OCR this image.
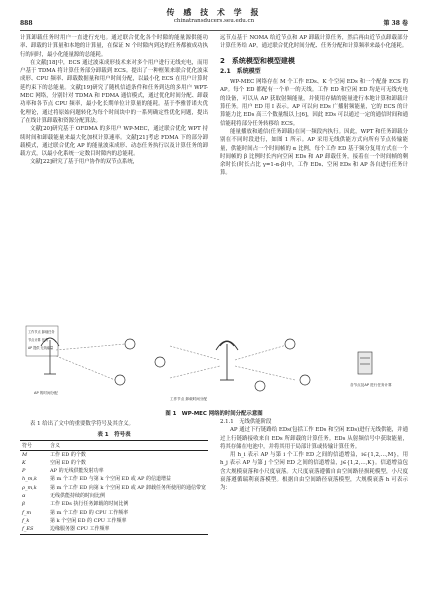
888
传 感 技 术 学 报
chinatransducers.seu.edu.cn	第 38 卷

计算卸载任务时用户一直进行充电。通过联合优化各个时隙的能量源供能功率、卸载的计算量和本地的计算量，在保证 N 个时隙内到达的任务都被成功执行的同时，最小化能量源的总能耗。

在文献[18]中，ECS 通过波束成形技术来对多个用户进行无线充电，而用户基于 TDMA 将计算任务部分卸载到 ECS。提出了一种框架来联合优化波束成形、CPU 频率、卸载数据量和用户时间分配，以最小化 ECS 在用户计算时延约束下的总能量。文献[19]研究了随机信道条件和任务到达的多用户 WPT-MEC 网络，分别针对 TDMA 和 FDMA 通信模式，通过优化时间分配、卸载功率和各节点 CPU 频率，最小化长期单位计算量的能耗。基于李雅普诺夫优化理论，通过将原始问题转化为每个时间块中的一系列确定性优化问题，提出了在线计算卸载和资源分配算法。

文献[20]研究基于 OFDMA 的多用户 WP-MEC，通过联合优化 WPT 持续时间和卸载能量来最大化加权计算速率。文献[21]考虑 FDMA 下的部分卸载模式，通过联合优化 AP 的能量波束成形、动态任务执行以及计算任务的卸载方式，以最小化系统一定数目时隙内的总能耗。

文献[22]研究了基于用户协作的双节点系统，

远节点基于 NOMA 给近节点和 AP 卸载计算任务，然后再由近节点卸载部分计算任务给 AP，通过联合优化时间分配、任务分配和计算频率来最小化能耗。

2　系统模型和模型建模
2.1　系统模型

WP-MEC 网络存在 M 个工作 EDs、K 个空闲 EDs 和一个配备 ECS 的 AP。每个 ED 都配有一个单一的天线。工作 ED 和空闲 ED 均是可无线充电的设备，可以从 AP 获取射频能量，并使用存储的能量进行本地计算和卸载计算任务。用户 ED 用 I 表示。AP 可以向 EDs 广播射频能量，它的 ECS 的计算能力比 EDs 高三个数量级以上[6]，因此 EDs 可以通过一定的通信时间和通信能耗将部分任务转移给 ECS。

能量播放和通信(任务卸载)在同一频段内执行。因此，WPT 和任务卸载分别在不同时段进行，如图 1 所示。AP 采用无线供能方式向所有节点传输能量，供能时间占一个时间帧的 α 比例，每个工作 ED 基于频分复用方式在一个时间帧的 β 比例时长内向空闲 EDs 和 AP 卸载任务，接着在一个时间帧的剩余时长(时长占比 γ=1-α-β)中，工作 EDs、空闲 EDs 和 AP 各自进行任务计算。

工作节点 卸载任务
节点计算 任务
AP 提供 无线能量
AP 的时间分配
工作节点 卸载时间分配
各节点及AP 进行任务计算
图 1　WP-MEC 网络的时间分配示意图
表 1 给出了文中的重要数学符号及其含义。
表 1　符号表
符号	含义
M	工作 ED 的个数
K	空闲 ED 的个数
P	AP 的无线供能发射功率
h_m,k	第 m 个工作 ED 与第 k 个空闲 ED 或 AP 的信道增益
ρ_m,k	第 m 个工作 ED 向第 k 个空闲 ED 或 AP 卸载任务所使用的通信带宽
α	无线供能持续的时间比例
β	工作 EDs 执行任务卸载的时间比例
f_m	第 m 个工作 ED 的 CPU 工作频率
f_k	第 k 个空闲 ED 的 CPU 工作频率
f_ES	边缘服务器 CPU 工作频率

2.1.1　无线供能阶段

AP 通过下行链路给 EDs(包括工作 EDs 和空闲 EDs)进行无线供能，并通过上行链路接收来自 EDs 所卸载的计算任务。EDs 从射频信号中获取能量，将其存储在电池中，并将其用于局部计算或传输计算任务。

用 h_i 表示 AP 与第 i 个工作 ED 之间的信道增益，i∈{1,2,…,M}，用 h_j 表示 AP 与第 j 个空闲 ED 之间的信道增益，j∈{1,2,…,K}。信道增益包含大规模衰落和小尺度衰落。大尺度衰落遵循自由空间路径损耗模型，小尺度衰落遵循瑞利衰落模型。根据自由空间路径衰落模型，大规模衰落 h 可表示为：
